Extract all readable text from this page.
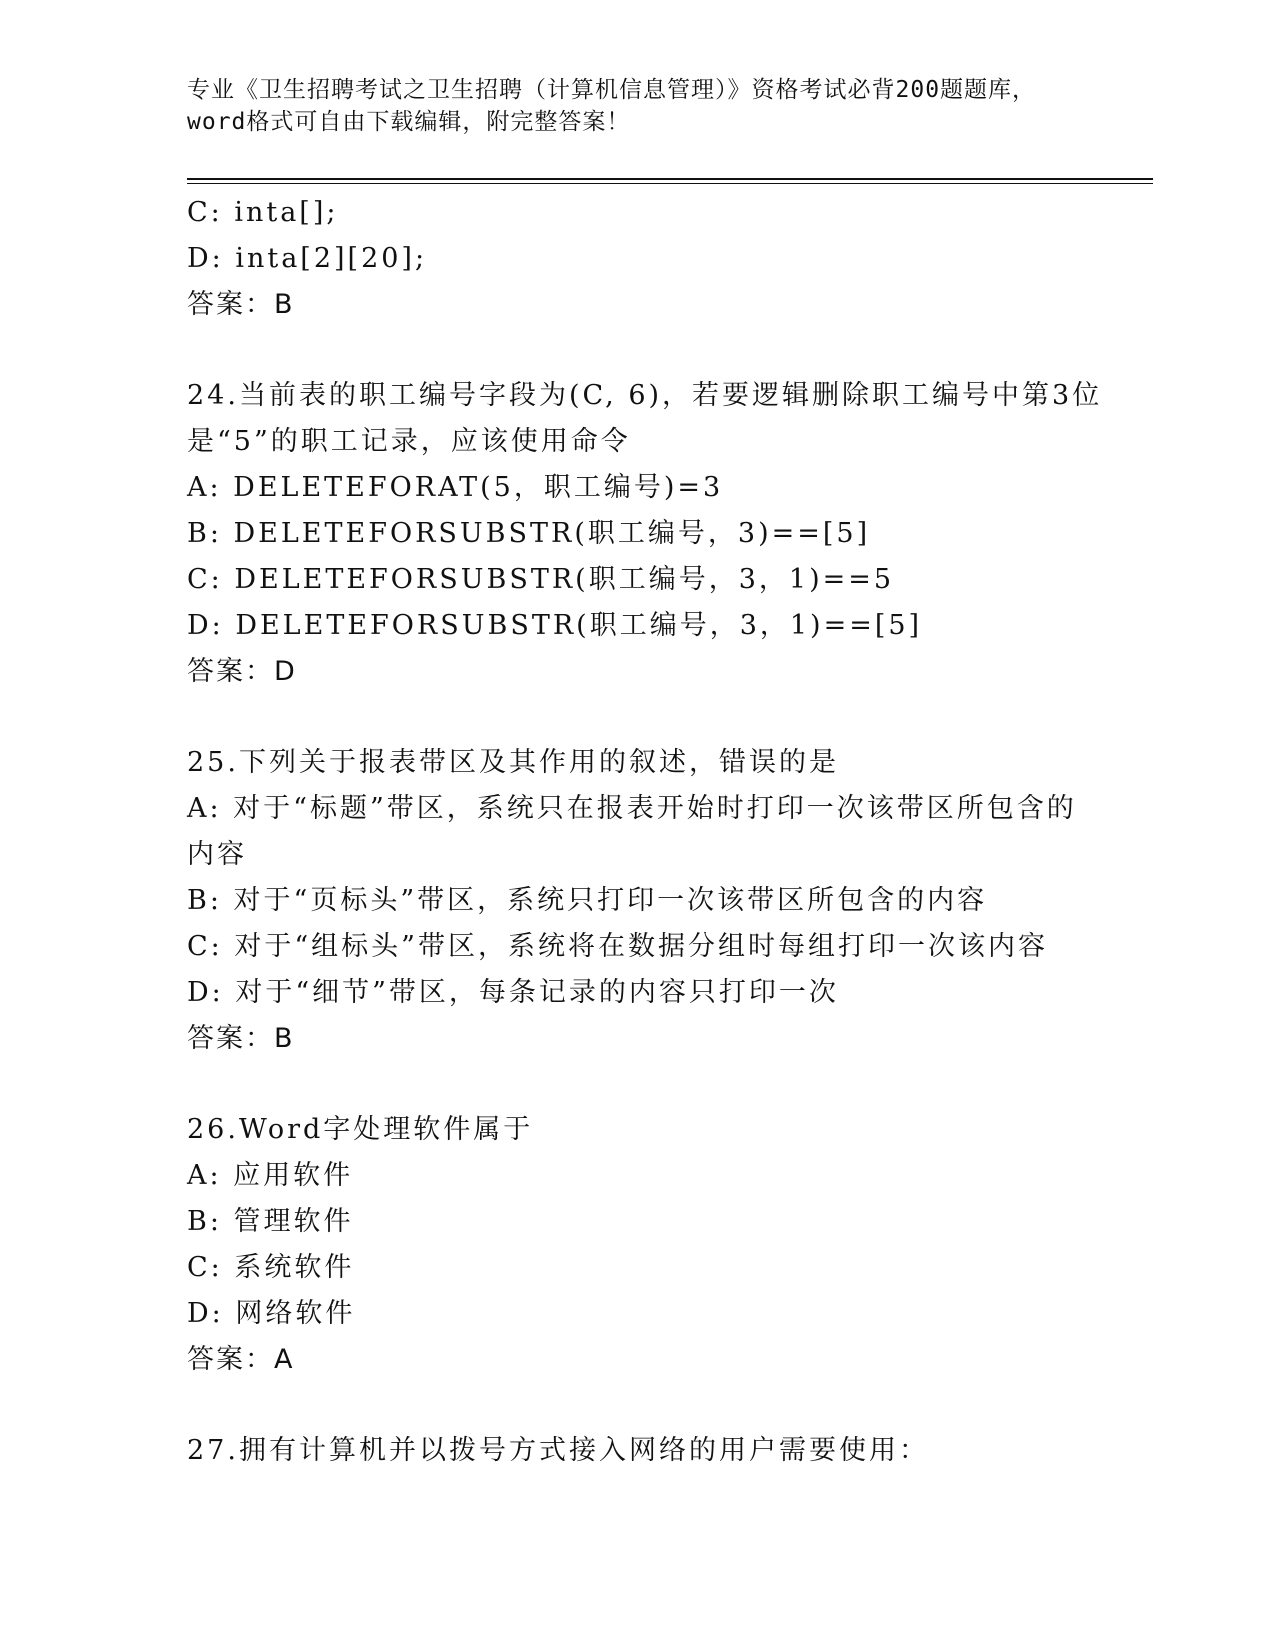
专业《卫生招聘考试之卫生招聘（计算机信息管理）》资格考试必背200题题库，
word格式可自由下载编辑，附完整答案！
C: inta[];
D: inta[2][20];
答案：B
24.当前表的职工编号字段为(C, 6)，若要逻辑删除职工编号中第3位
是“5”的职工记录，应该使用命令
A: DELETEFORAT(5，职工编号)=3
B: DELETEFORSUBSTR(职工编号，3)==[5]
C: DELETEFORSUBSTR(职工编号，3，1)==5
D: DELETEFORSUBSTR(职工编号，3，1)==[5]
答案：D
25.下列关于报表带区及其作用的叙述，错误的是
A: 对于“标题”带区，系统只在报表开始时打印一次该带区所包含的
内容
B: 对于“页标头”带区，系统只打印一次该带区所包含的内容
C: 对于“组标头”带区，系统将在数据分组时每组打印一次该内容
D: 对于“细节”带区，每条记录的内容只打印一次
答案：B
26.Word字处理软件属于
A: 应用软件
B: 管理软件
C: 系统软件
D: 网络软件
答案：A
27.拥有计算机并以拨号方式接入网络的用户需要使用：
